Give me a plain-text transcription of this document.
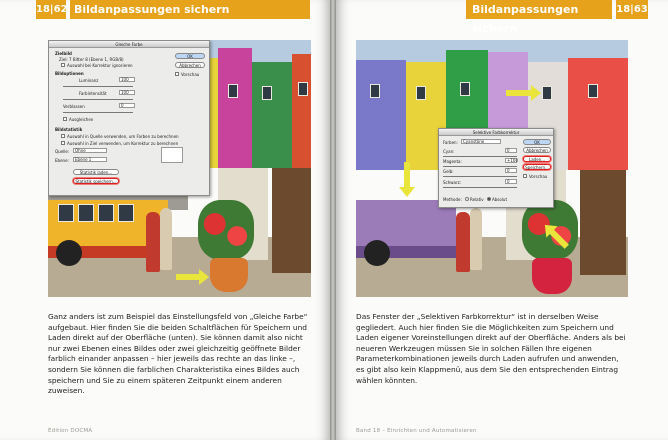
18|62 Bildanpassungen sichern
Gleiche Farbe
Zielbild
Ziel: 7 Bitter 8 (Ebene 1, RGB/8)
Auswahl bei Korrektur ignorieren
Bildoptionen
Luminanz	100
Farbintensität	100
Verblassen	0
Ausgleichen
Bildstatistik
Auswahl in Quelle verwenden, um Farben zu berechnen
Auswahl in Ziel verwenden, um Korrektur zu berechnen
Quelle:	Ohne
Ebene:	Ebene 1
Statistik laden...
Statistik speichern...
OK
Abbrechen
Vorschau
Ganz anders ist zum Beispiel das Einstellungsfeld von „Gleiche Farbe“ aufgebaut. Hier finden Sie die beiden Schaltflächen für Speichern und Laden direkt auf der Oberfläche (unten). Sie können damit also nicht nur zwei Ebenen eines Bildes oder zwei gleichzeitig geöffnete Bilder farblich einander anpassen – hier jeweils das rechte an das linke –, sondern Sie können die farblichen Charakteristika eines Bildes auch speichern und Sie zu einem späteren Zeitpunkt einem anderen zuweisen.
Edition DOCMA
Bildanpassungen sichern
18|63
Selektive Farbkorrektur
Farben:	Cyanstöne
Cyan:	0
Magenta:	+100
Gelb:	0
Schwarz:	0
Methode: Relativ Absolut
OK
Abbrechen
Laden...
Speichern...
Vorschau
Das Fenster der „Selektiven Farbkorrektur“ ist in derselben Weise gegliedert. Auch hier finden Sie die Möglichkeiten zum Speichern und Laden eigener Voreinstellungen direkt auf der Oberfläche. Anders als bei neueren Werkzeugen müssen Sie in solchen Fällen Ihre eigenen Parameterkombinationen jeweils durch Laden aufrufen und anwenden, es gibt also kein Klappmenü, aus dem Sie den entsprechenden Eintrag wählen könnten.
Band 18 – Einrichten und Automatisieren
